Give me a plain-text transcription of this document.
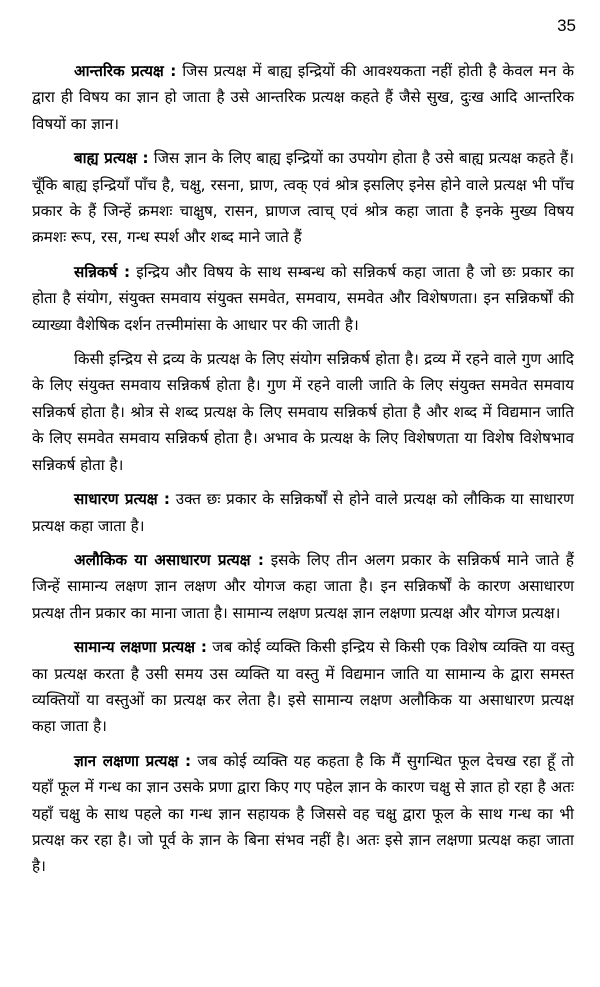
35

आन्तरिक प्रत्यक्ष : जिस प्रत्यक्ष में बाह्य इन्द्रियों की आवश्यकता नहीं होती है केवल मन के द्वारा ही विषय का ज्ञान हो जाता है उसे आन्तरिक प्रत्यक्ष कहते हैं जैसे सुख, दुःख आदि आन्तरिक विषयों का ज्ञान।

बाह्य प्रत्यक्ष : जिस ज्ञान के लिए बाह्य इन्द्रियों का उपयोग होता है उसे बाह्य प्रत्यक्ष कहते हैं। चूँकि बाह्य इन्द्रियाँ पाँच है, चक्षु, रसना, घ्राण, त्वक् एवं श्रोत्र इसलिए इनेस होने वाले प्रत्यक्ष भी पाँच प्रकार के हैं जिन्हें क्रमशः चाक्षुष, रासन, घ्राणज त्वाच् एवं श्रोत्र कहा जाता है इनके मुख्य विषय क्रमशः रूप, रस, गन्ध स्पर्श और शब्द माने जाते हैं

सन्निकर्ष : इन्द्रिय और विषय के साथ सम्बन्ध को सन्निकर्ष कहा जाता है जो छः प्रकार का होता है संयोग, संयुक्त समवाय संयुक्त समवेत, समवाय, समवेत और विशेषणता। इन सन्निकर्षों की व्याख्या वैशेषिक दर्शन तत्त्मीमांसा के आधार पर की जाती है।

किसी इन्द्रिय से द्रव्य के प्रत्यक्ष के लिए संयोग सन्निकर्ष होता है। द्रव्य में रहने वाले गुण आदि के लिए संयुक्त समवाय सन्निकर्ष होता है। गुण में रहने वाली जाति के लिए संयुक्त समवेत समवाय सन्निकर्ष होता है। श्रोत्र से शब्द प्रत्यक्ष के लिए समवाय सन्निकर्ष होता है और शब्द में विद्यमान जाति के लिए समवेत समवाय सन्निकर्ष होता है। अभाव के प्रत्यक्ष के लिए विशेषणता या विशेष विशेषभाव सन्निकर्ष होता है।

साधारण प्रत्यक्ष : उक्त छः प्रकार के सन्निकर्षों से होने वाले प्रत्यक्ष को लौकिक या साधारण प्रत्यक्ष कहा जाता है।

अलौकिक या असाधारण प्रत्यक्ष : इसके लिए तीन अलग प्रकार के सन्निकर्ष माने जाते हैं जिन्हें सामान्य लक्षण ज्ञान लक्षण और योगज कहा जाता है। इन सन्निकर्षों के कारण असाधारण प्रत्यक्ष तीन प्रकार का माना जाता है। सामान्य लक्षण प्रत्यक्ष ज्ञान लक्षणा प्रत्यक्ष और योगज प्रत्यक्ष।

सामान्य लक्षणा प्रत्यक्ष : जब कोई व्यक्ति किसी इन्द्रिय से किसी एक विशेष व्यक्ति या वस्तु का प्रत्यक्ष करता है उसी समय उस व्यक्ति या वस्तु में विद्यमान जाति या सामान्य के द्वारा समस्त व्यक्तियों या वस्तुओं का प्रत्यक्ष कर लेता है। इसे सामान्य लक्षण अलौकिक या असाधारण प्रत्यक्ष कहा जाता है।

ज्ञान लक्षणा प्रत्यक्ष : जब कोई व्यक्ति यह कहता है कि मैं सुगन्धित फूल देचख रहा हूँ तो यहाँ फूल में गन्ध का ज्ञान उसके प्रणा द्वारा किए गए पहेल ज्ञान के कारण चक्षु से ज्ञात हो रहा है अतः यहाँ चक्षु के साथ पहले का गन्ध ज्ञान सहायक है जिससे वह चक्षु द्वारा फूल के साथ गन्ध का भी प्रत्यक्ष कर रहा है। जो पूर्व के ज्ञान के बिना संभव नहीं है। अतः इसे ज्ञान लक्षणा प्रत्यक्ष कहा जाता है।
